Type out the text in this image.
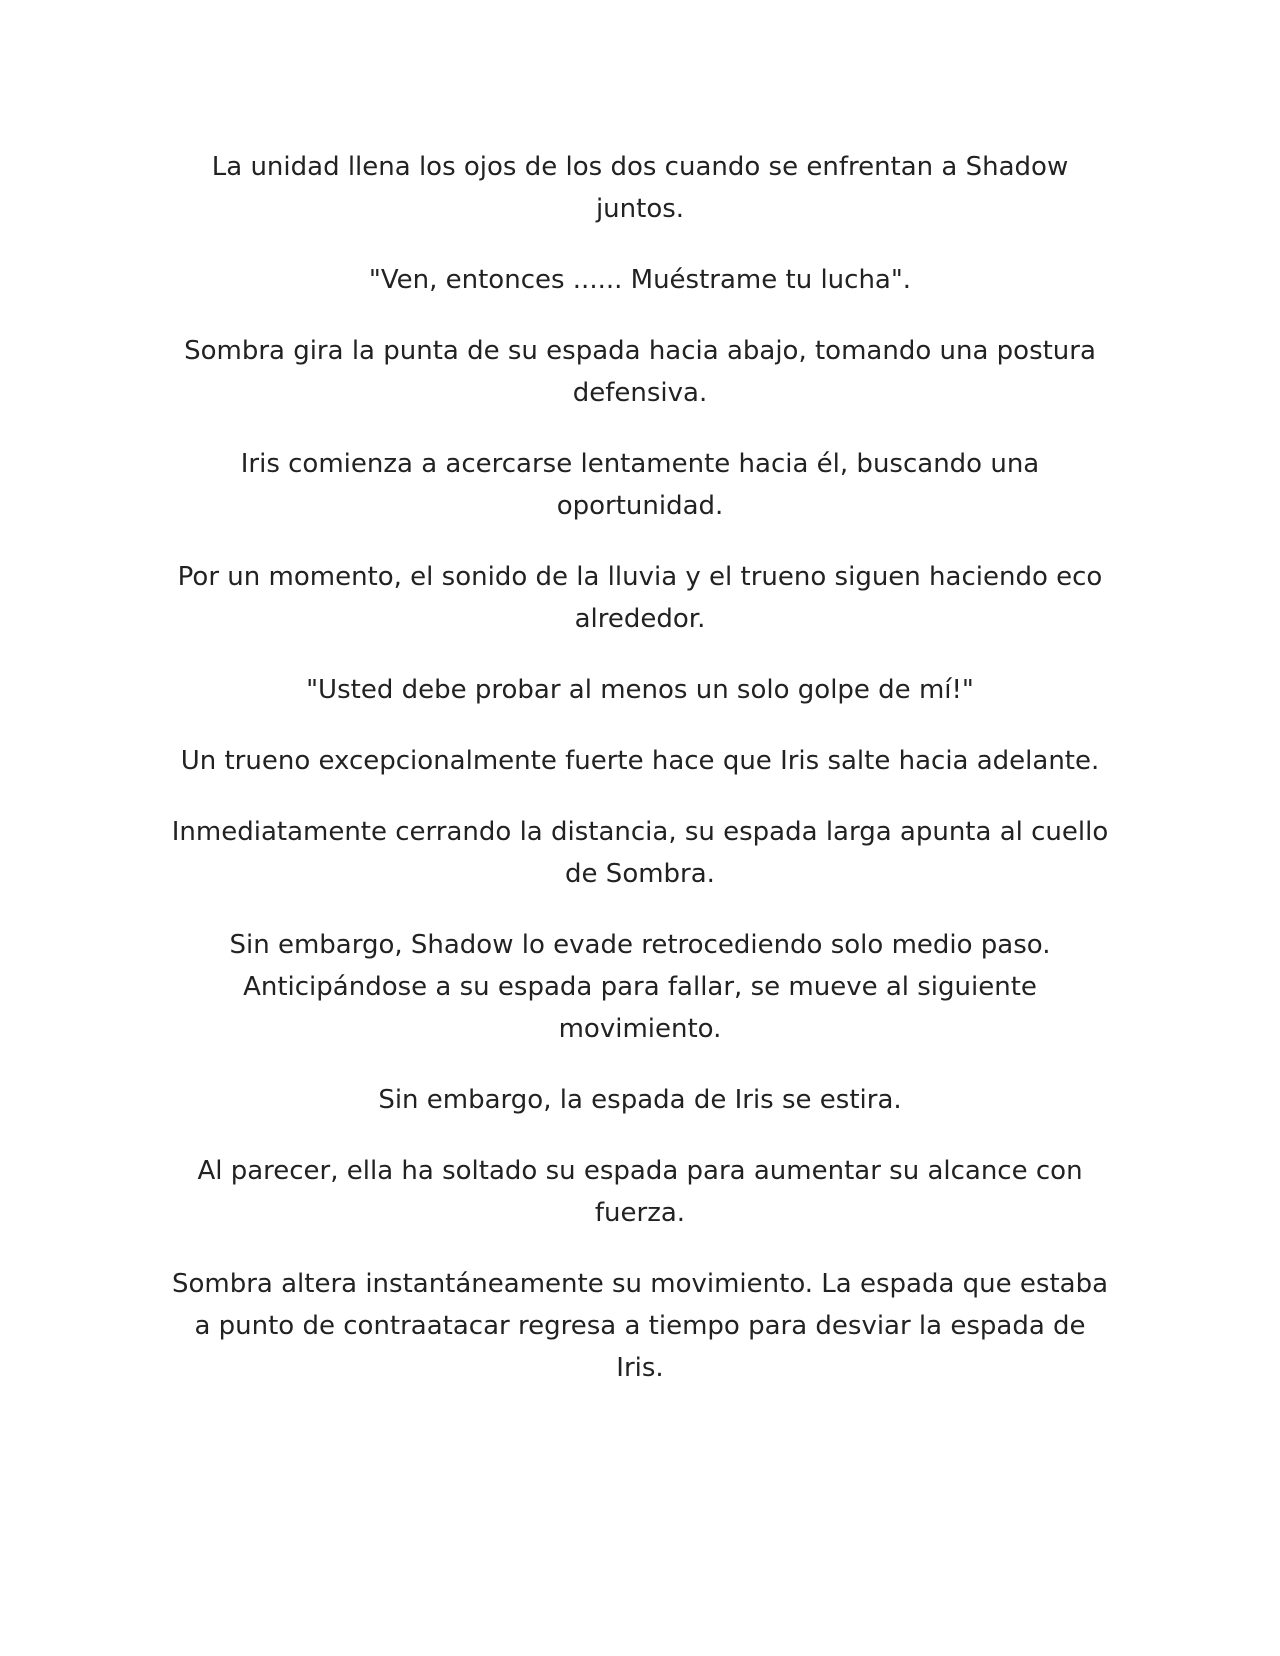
La unidad llena los ojos de los dos cuando se enfrentan a Shadow juntos.

"Ven, entonces ...... Muéstrame tu lucha".

Sombra gira la punta de su espada hacia abajo, tomando una postura defensiva.

Iris comienza a acercarse lentamente hacia él, buscando una oportunidad.

Por un momento, el sonido de la lluvia y el trueno siguen haciendo eco alrededor.

"Usted debe probar al menos un solo golpe de mí!"

Un trueno excepcionalmente fuerte hace que Iris salte hacia adelante.

Inmediatamente cerrando la distancia, su espada larga apunta al cuello de Sombra.

Sin embargo, Shadow lo evade retrocediendo solo medio paso. Anticipándose a su espada para fallar, se mueve al siguiente movimiento.

Sin embargo, la espada de Iris se estira.

Al parecer, ella ha soltado su espada para aumentar su alcance con fuerza.

Sombra altera instantáneamente su movimiento. La espada que estaba a punto de contraatacar regresa a tiempo para desviar la espada de Iris.
